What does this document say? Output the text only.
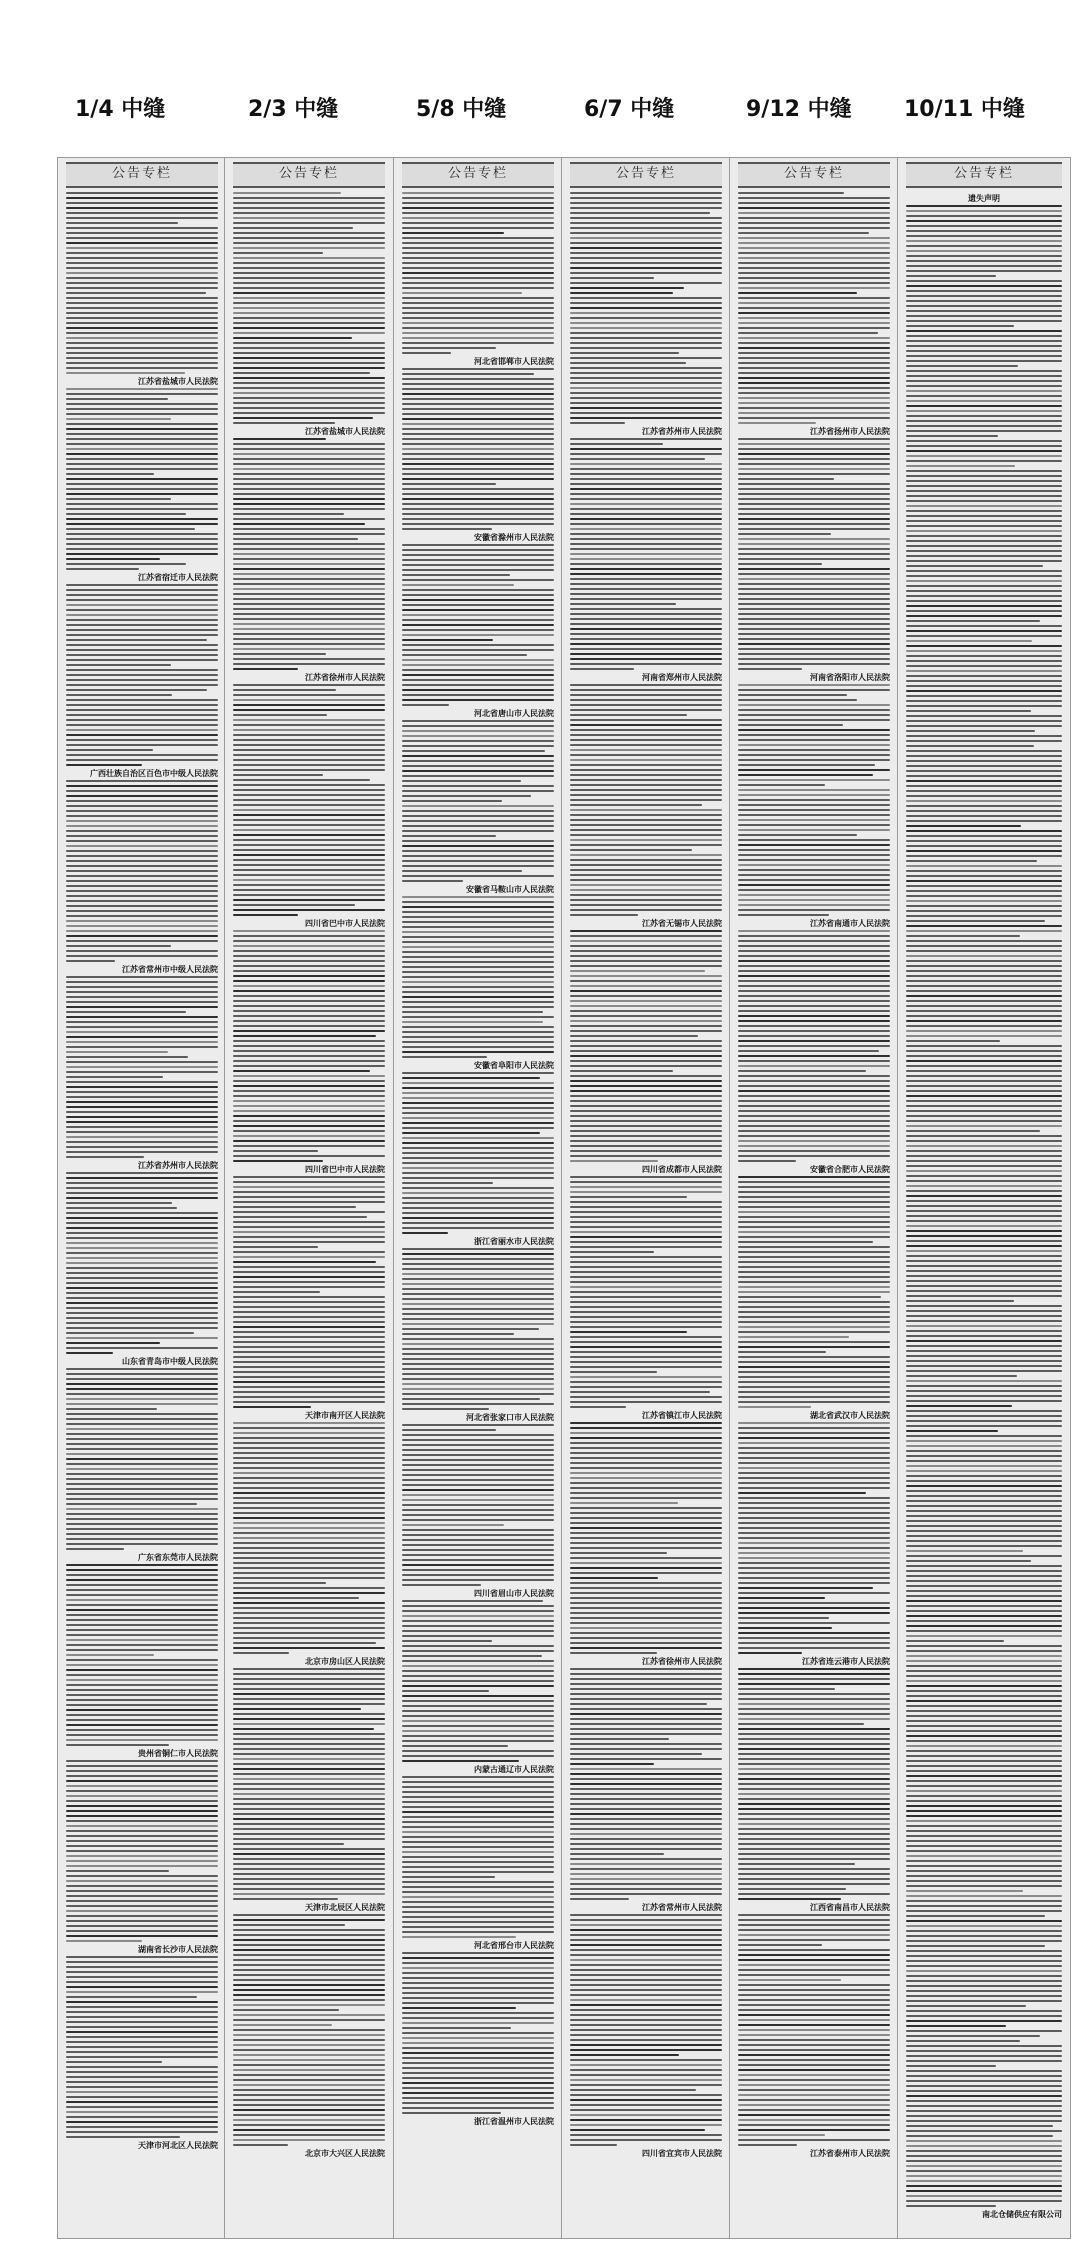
1/4 中缝	2/3 中缝	5/8 中缝	6/7 中缝	9/12 中缝 10/11 中缝
公告专栏
江苏省盐城市人民法院
江苏省宿迁市人民法院
广西壮族自治区百色市中级人民法院
江苏省常州市中级人民法院
江苏省苏州市人民法院
山东省青岛市中级人民法院
广东省东莞市人民法院
贵州省铜仁市人民法院
湖南省长沙市人民法院
天津市河北区人民法院
公告专栏
江苏省盐城市人民法院
江苏省徐州市人民法院
四川省巴中市人民法院
四川省巴中市人民法院
天津市南开区人民法院
北京市房山区人民法院
天津市北辰区人民法院
北京市大兴区人民法院
公告专栏
河北省邯郸市人民法院
安徽省滁州市人民法院
河北省唐山市人民法院
安徽省马鞍山市人民法院
安徽省阜阳市人民法院
浙江省丽水市人民法院
河北省张家口市人民法院
四川省眉山市人民法院
内蒙古通辽市人民法院
河北省邢台市人民法院
浙江省温州市人民法院
公告专栏
江苏省苏州市人民法院
河南省郑州市人民法院
江苏省无锡市人民法院
四川省成都市人民法院
江苏省镇江市人民法院
江苏省徐州市人民法院
江苏省常州市人民法院
四川省宜宾市人民法院
公告专栏
江苏省扬州市人民法院
河南省洛阳市人民法院
江苏省南通市人民法院
安徽省合肥市人民法院
湖北省武汉市人民法院
江苏省连云港市人民法院
江西省南昌市人民法院
江苏省泰州市人民法院
公告专栏
遗失声明
南北仓储供应有限公司
